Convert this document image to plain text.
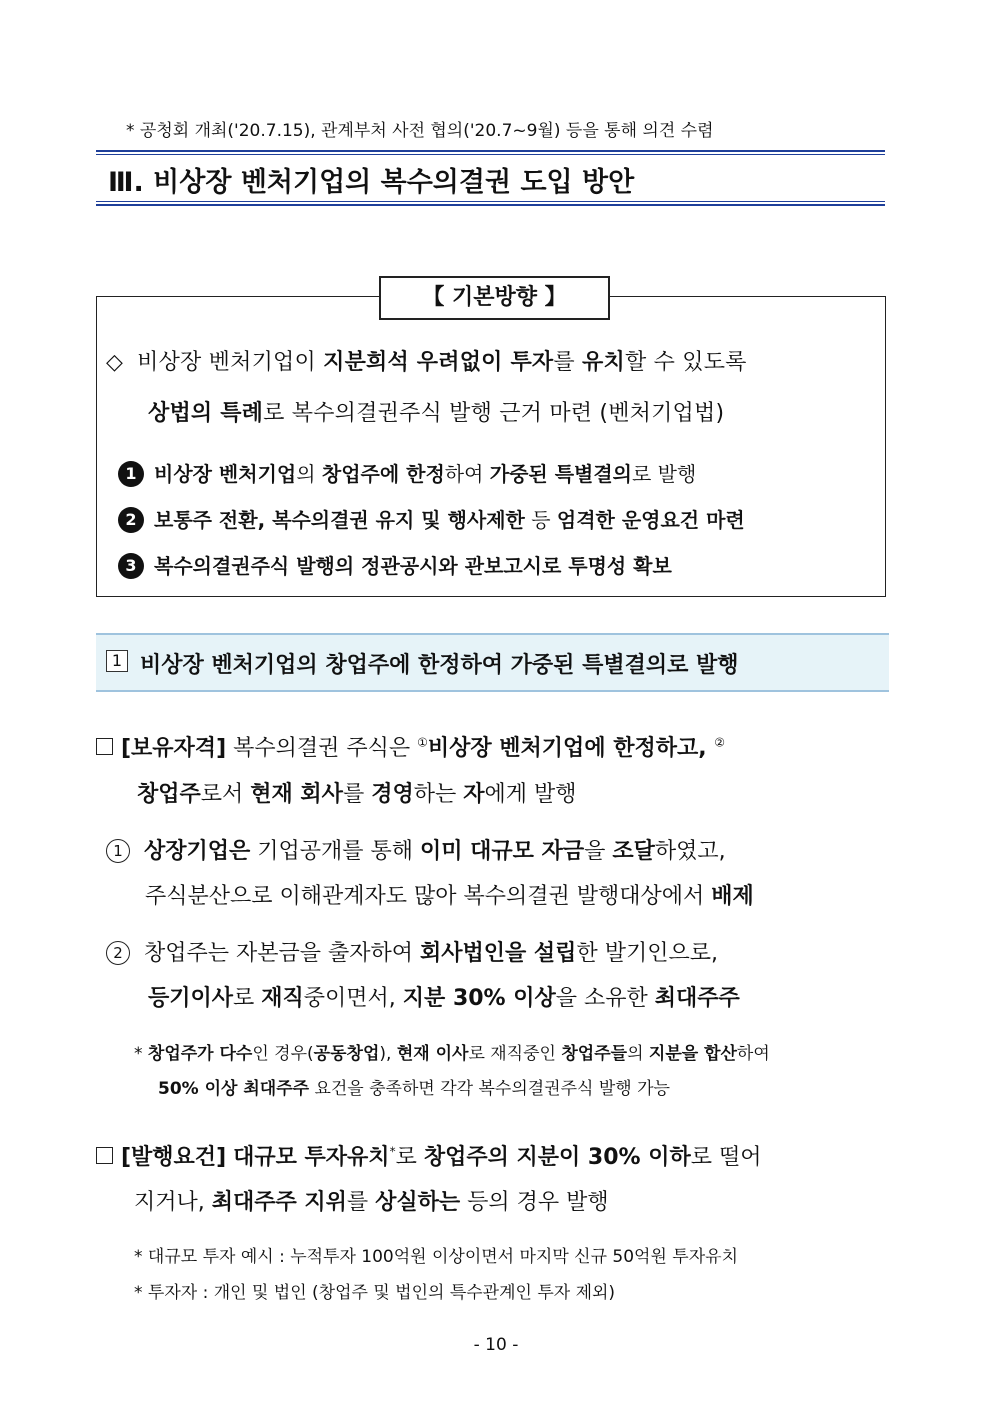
* 공청회 개최('20.7.15), 관계부처 사전 협의('20.7~9월) 등을 통해 의견 수렴
Ⅲ. 비상장 벤처기업의 복수의결권 도입 방안
【 기본방향 】
◇ 비상장 벤처기업이 지분희석 우려없이 투자를 유치할 수 있도록
상법의 특례로 복수의결권주식 발행 근거 마련 (벤처기업법)
1 비상장 벤처기업의 창업주에 한정하여 가중된 특별결의로 발행
2 보통주 전환, 복수의결권 유지 및 행사제한 등 엄격한 운영요건 마련
3 복수의결권주식 발행의 정관공시와 관보고시로 투명성 확보
1 비상장 벤처기업의 창업주에 한정하여 가중된 특별결의로 발행
[보유자격] 복수의결권 주식은 ①비상장 벤처기업에 한정하고, ②
창업주로서 현재 회사를 경영하는 자에게 발행
1 상장기업은 기업공개를 통해 이미 대규모 자금을 조달하였고,
주식분산으로 이해관계자도 많아 복수의결권 발행대상에서 배제
2 창업주는 자본금을 출자하여 회사법인을 설립한 발기인으로,
등기이사로 재직중이면서, 지분 30% 이상을 소유한 최대주주
* 창업주가 다수인 경우(공동창업), 현재 이사로 재직중인 창업주들의 지분을 합산하여
50% 이상 최대주주 요건을 충족하면 각각 복수의결권주식 발행 가능
[발행요건] 대규모 투자유치*로 창업주의 지분이 30% 이하로 떨어
지거나, 최대주주 지위를 상실하는 등의 경우 발행
* 대규모 투자 예시 : 누적투자 100억원 이상이면서 마지막 신규 50억원 투자유치
* 투자자 : 개인 및 법인 (창업주 및 법인의 특수관계인 투자 제외)
- 10 -
